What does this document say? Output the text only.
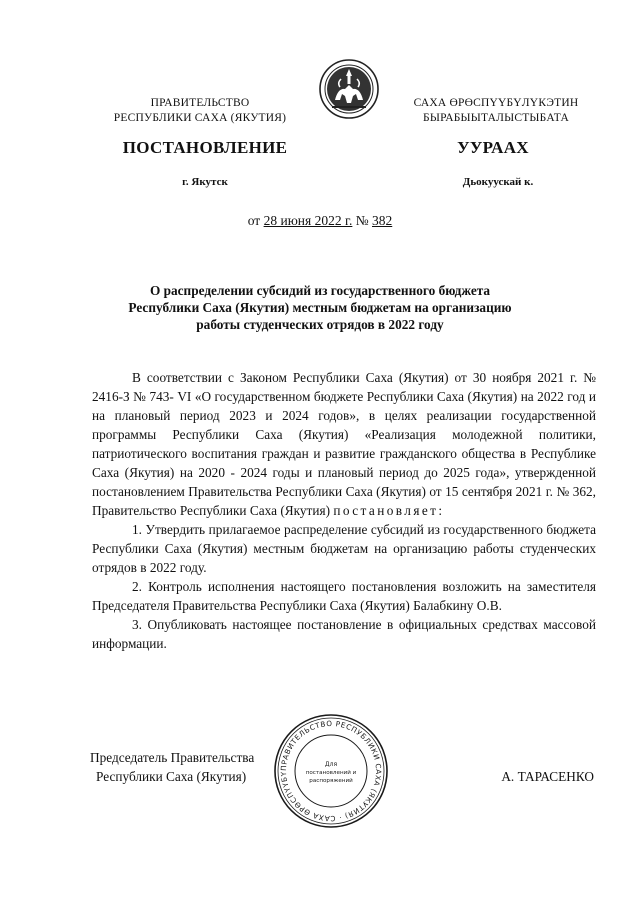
ПРАВИТЕЛЬСТВО
РЕСПУБЛИКИ САХА (ЯКУТИЯ)
САХА ӨРӨСПҮҮБҮЛҮКЭТИН
БЫРАБЫЫТАЛЫСТЫБАТА
ПОСТАНОВЛЕНИЕ	УУРААХ
г. Якутск	Дьокуускай к.
от 28 июня 2022 г. № 382
О распределении субсидий из государственного бюджета
Республики Саха (Якутия) местным бюджетам на организацию
работы студенческих отрядов в 2022 году

В соответствии с Законом Республики Саха (Якутия) от 30 ноября 2021 г. № 2416-З № 743- VI «О государственном бюджете Республики Саха (Якутия) на 2022 год и на плановый период 2023 и 2024 годов», в целях реализации государственной программы Республики Саха (Якутия) «Реализация молодежной политики, патриотического воспитания граждан и развитие гражданского общества в Республике Саха (Якутия) на 2020 - 2024 годы и плановый период до 2025 года», утвержденной постановлением Правительства Республики Саха (Якутия) от 15 сентября 2021 г. № 362, Правительство Республики Саха (Якутия) постановляет:

1. Утвердить прилагаемое распределение субсидий из государственного бюджета Республики Саха (Якутия) местным бюджетам на организацию работы студенческих отрядов в 2022 году.

2. Контроль исполнения настоящего постановления возложить на заместителя Председателя Правительства Республики Саха (Якутия) Балабкину О.В.

3. Опубликовать настоящее постановление в официальных средствах массовой информации.

Председатель Правительства
Республики Саха (Якутия)
ПРАВИТЕЛЬСТВО РЕСПУБЛИКИ САХА (ЯКУТИЯ) · САХА ӨРӨСПҮҮБҮ
Для
постановлений и
распоряжений	А. ТАРАСЕНКО
